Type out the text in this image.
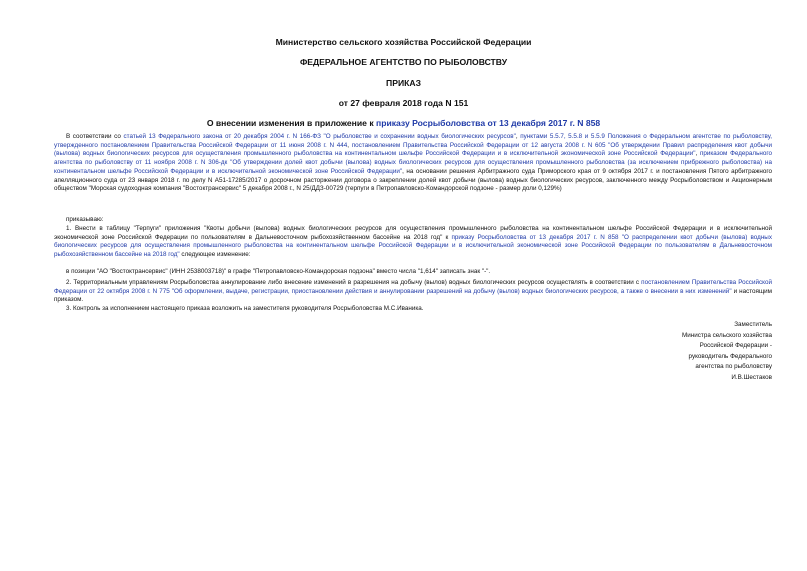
Министерство сельского хозяйства Российской Федерации
ФЕДЕРАЛЬНОЕ АГЕНТСТВО ПО РЫБОЛОВСТВУ
ПРИКАЗ
от 27 февраля 2018 года N 151
О внесении изменения в приложение к приказу Росрыболовства от 13 декабря 2017 г. N 858

В соответствии со статьей 13 Федерального закона от 20 декабря 2004 г. N 166-ФЗ "О рыболовстве и сохранении водных биологических ресурсов", пунктами 5.5.7, 5.5.8 и 5.5.9 Положения о Федеральном агентстве по рыболовству, утвержденного постановлением Правительства Российской Федерации от 11 июня 2008 г. N 444, постановлением Правительства Российской Федерации от 12 августа 2008 г. N 605 "Об утверждении Правил распределения квот добычи (вылова) водных биологических ресурсов для осуществления промышленного рыболовства на континентальном шельфе Российской Федерации и в исключительной экономической зоне Российской Федерации", приказом Федерального агентства по рыболовству от 11 ноября 2008 г. N 306-дк "Об утверждении долей квот добычи (вылова) водных биологических ресурсов для осуществления промышленного рыболовства (за исключением прибрежного рыболовства) на континентальном шельфе Российской Федерации и в исключительной экономической зоне Российской Федерации", на основании решения Арбитражного суда Приморского края от 9 октября 2017 г. и постановления Пятого арбитражного апелляционного суда от 23 января 2018 г. по делу N А51-17285/2017 о досрочном расторжении договора о закреплении долей квот добычи (вылова) водных биологических ресурсов, заключенного между Росрыболовством и Акционерным обществом "Морская судоходная компания "Востоктрансервис" 5 декабря 2008 г., N 25/ДДЗ-00729 (терпуги в Петропавловско-Командорской подзоне - размер доли 0,129%)

приказываю:

1. Внести в таблицу "Терпуги" приложения "Квоты добычи (вылова) водных биологических ресурсов для осуществления промышленного рыболовства на континентальном шельфе Российской Федерации и в исключительной экономической зоне Российской Федерации по пользователям в Дальневосточном рыбохозяйственном бассейне на 2018 год" к приказу Росрыболовства от 13 декабря 2017 г. N 858 "О распределении квот добычи (вылова) водных биологических ресурсов для осуществления промышленного рыболовства на континентальном шельфе Российской Федерации и в исключительной экономической зоне Российской Федерации по пользователям в Дальневосточном рыбохозяйственном бассейне на 2018 год" следующее изменение:

в позиции "АО "Востоктрансервис" (ИНН 2538003718)" в графе "Петропавловско-Командорская подзона" вместо числа "1,614" записать знак "-".

2. Территориальным управлениям Росрыболовства аннулирование либо внесение изменений в разрешения на добычу (вылов) водных биологических ресурсов осуществлять в соответствии с постановлением Правительства Российской Федерации от 22 октября 2008 г. N 775 "Об оформлении, выдаче, регистрации, приостановлении действия и аннулировании разрешений на добычу (вылов) водных биологических ресурсов, а также о внесении в них изменений" и настоящим приказом.

3. Контроль за исполнением настоящего приказа возложить на заместителя руководителя Росрыболовства М.С.Иваника.

Заместитель
Министра сельского хозяйства
Российской Федерации -
руководитель Федерального
агентства по рыболовству
И.В.Шестаков
